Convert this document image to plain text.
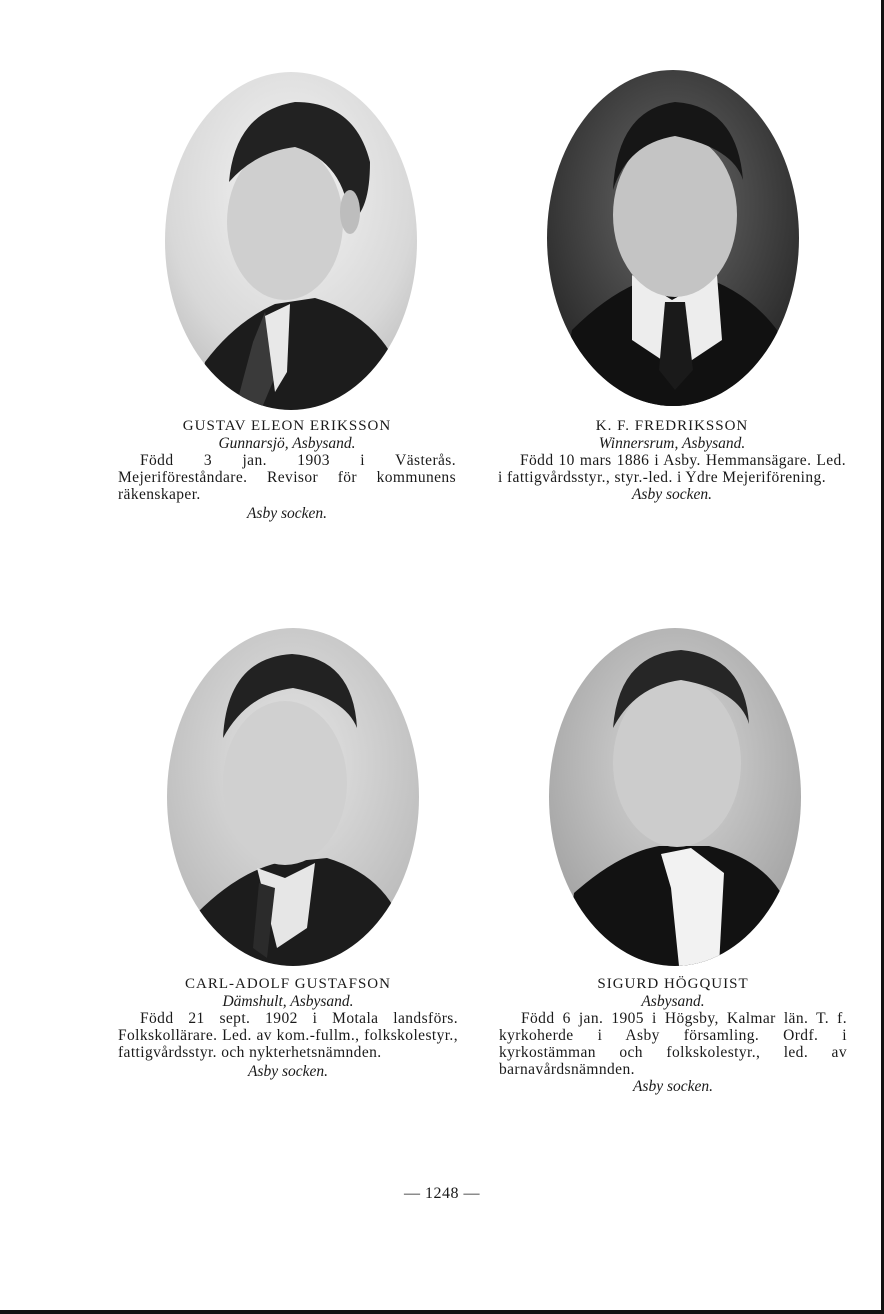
GUSTAV ELEON ERIKSSON
Gunnarsjö, Asbysand.
Född 3 jan. 1903 i Västerås. Mejeriföreståndare. Revisor för kommunens räkenskaper.
Asby socken.
K. F. FREDRIKSSON
Winnersrum, Asbysand.
Född 10 mars 1886 i Asby. Hemmansägare. Led. i fattigvårdsstyr., styr.-led. i Ydre Mejeriförening.
Asby socken.
CARL-ADOLF GUSTAFSON
Dämshult, Asbysand.
Född 21 sept. 1902 i Motala landsförs. Folkskollärare. Led. av kom.-fullm., folkskolestyr., fattigvårdsstyr. och nykterhetsnämnden.
Asby socken.
SIGURD HÖGQUIST
Asbysand.
Född 6 jan. 1905 i Högsby, Kalmar län. T. f. kyrkoherde i Asby församling. Ordf. i kyrkostämman och folkskolestyr., led. av barnavårdsnämnden.
Asby socken.
— 1248 —
